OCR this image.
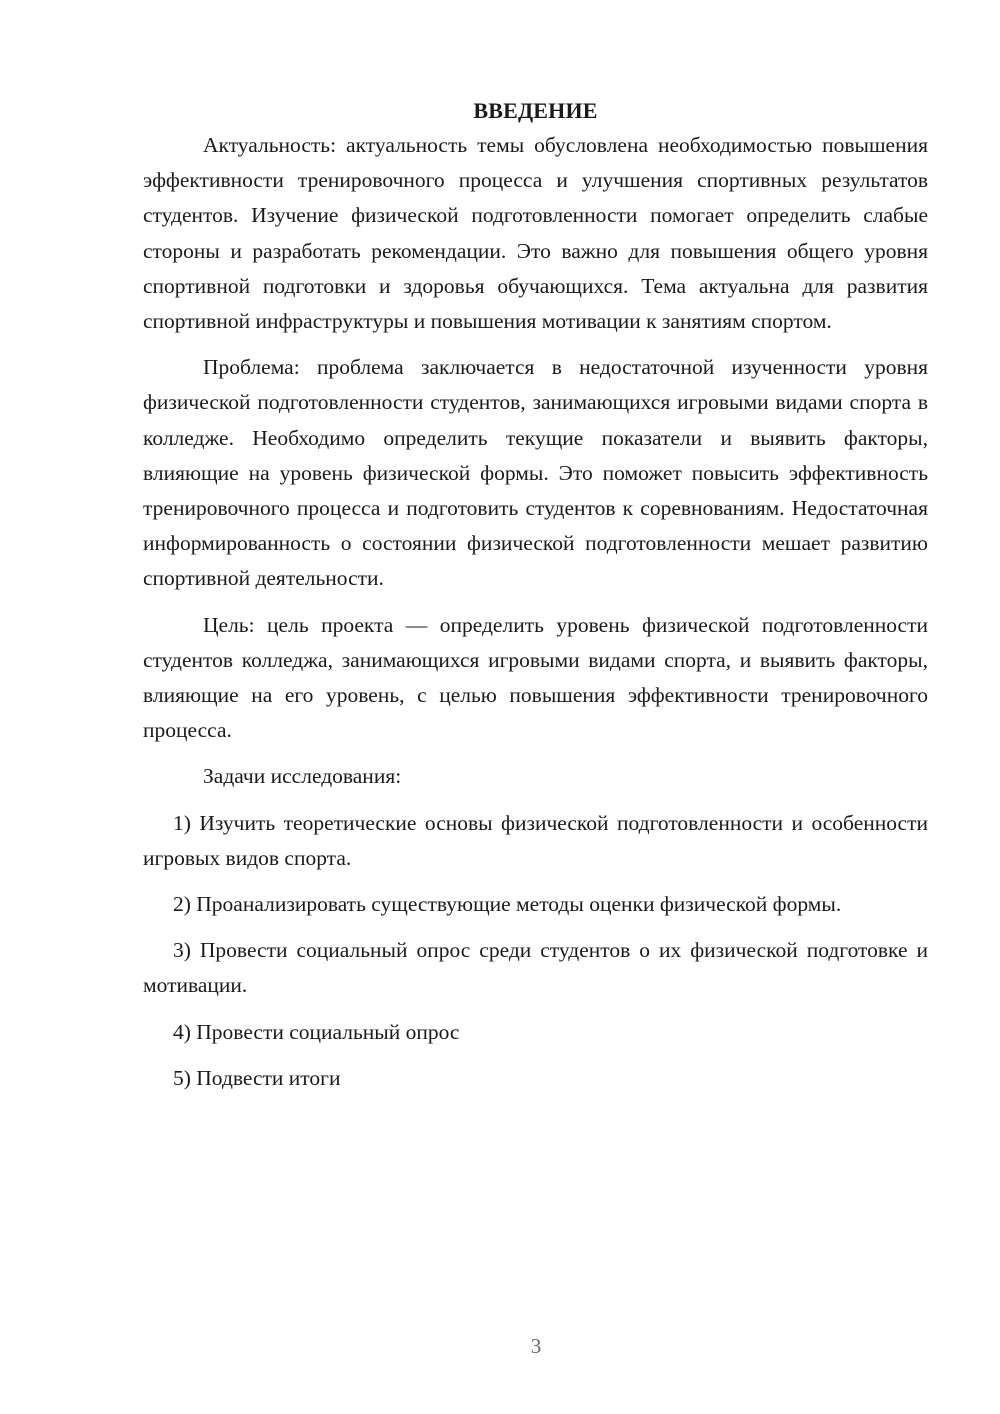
ВВЕДЕНИЕ

Актуальность: актуальность темы обусловлена необходимостью повышения эффективности тренировочного процесса и улучшения спортивных результатов студентов. Изучение физической подготовленности помогает определить слабые стороны и разработать рекомендации. Это важно для повышения общего уровня спортивной подготовки и здоровья обучающихся. Тема актуальна для развития спортивной инфраструктуры и повышения мотивации к занятиям спортом.

Проблема: проблема заключается в недостаточной изученности уровня физической подготовленности студентов, занимающихся игровыми видами спорта в колледже. Необходимо определить текущие показатели и выявить факторы, влияющие на уровень физической формы. Это поможет повысить эффективность тренировочного процесса и подготовить студентов к соревнованиям. Недостаточная информированность о состоянии физической подготовленности мешает развитию спортивной деятельности.

Цель: цель проекта — определить уровень физической подготовленности студентов колледжа, занимающихся игровыми видами спорта, и выявить факторы, влияющие на его уровень, с целью повышения эффективности тренировочного процесса.

Задачи исследования:

1) Изучить теоретические основы физической подготовленности и особенности игровых видов спорта.

2) Проанализировать существующие методы оценки физической формы.

3) Провести социальный опрос среди студентов о их физической подготовке и мотивации.

4) Провести социальный опрос

5) Подвести итоги

3
